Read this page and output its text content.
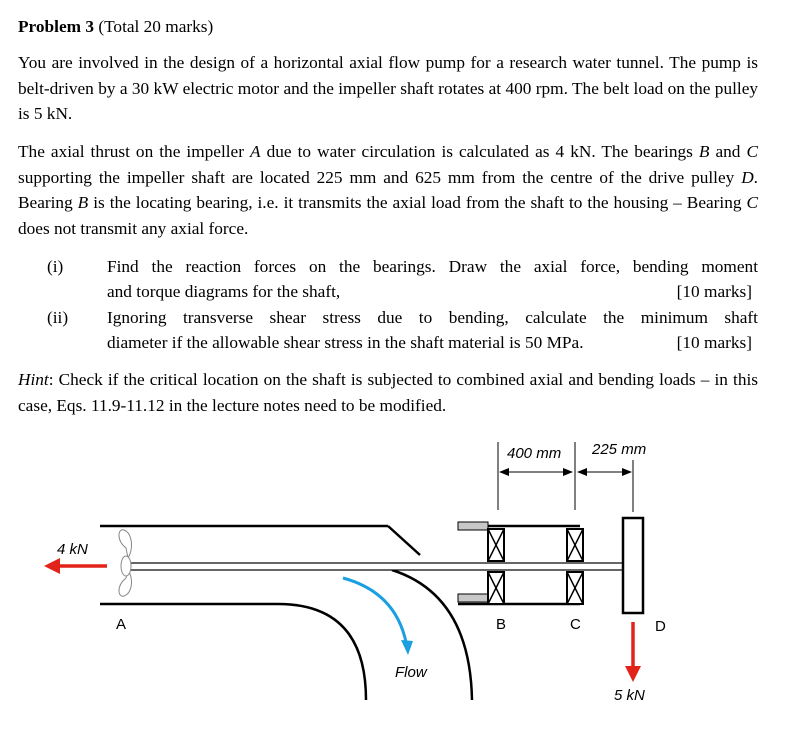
Problem 3 (Total 20 marks)
You are involved in the design of a horizontal axial flow pump for a research water tunnel. The pump is belt-driven by a 30 kW electric motor and the impeller shaft rotates at 400 rpm. The belt load on the pulley is 5 kN.
The axial thrust on the impeller A due to water circulation is calculated as 4 kN. The bearings B and C supporting the impeller shaft are located 225 mm and 625 mm from the centre of the drive pulley D. Bearing B is the locating bearing, i.e. it transmits the axial load from the shaft to the housing – Bearing C does not transmit any axial force.
(i)	Find the reaction forces on the bearings. Draw the axial force, bending moment
and torque diagrams for the shaft,	[10 marks]
(ii) Ignoring transverse shear stress due to bending, calculate the minimum shaft
diameter if the allowable shear stress in the shaft material is 50 MPa.	[10 marks]
Hint: Check if the critical location on the shaft is subjected to combined axial and bending loads – in this case, Eqs. 11.9-11.12 in the lecture notes need to be modified.
400 mm 225 mm
4 kN
5 kN
Flow
A	B	C	D
